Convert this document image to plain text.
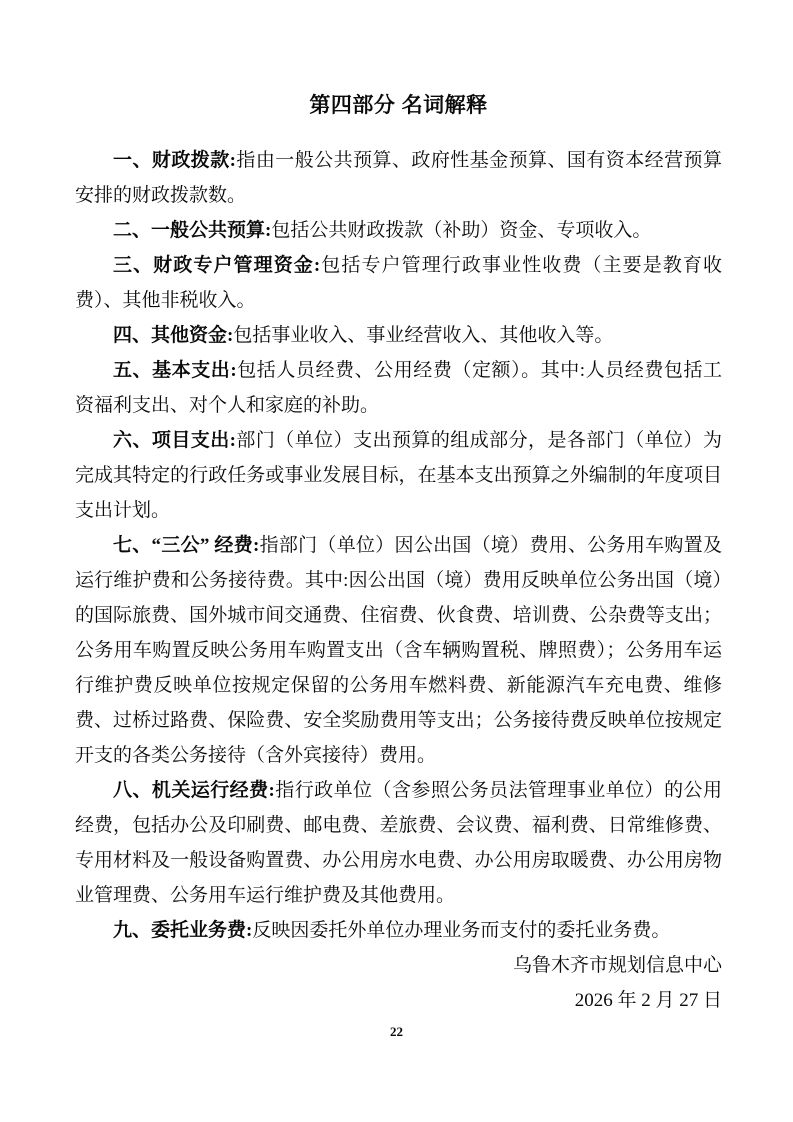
第四部分 名词解释

一、财政拨款:指由一般公共预算、政府性基金预算、国有资本经营预算安排的财政拨款数。

二、一般公共预算:包括公共财政拨款（补助）资金、专项收入。

三、财政专户管理资金:包括专户管理行政事业性收费（主要是教育收费）、其他非税收入。

四、其他资金:包括事业收入、事业经营收入、其他收入等。

五、基本支出:包括人员经费、公用经费（定额）。其中:人员经费包括工资福利支出、对个人和家庭的补助。

六、项目支出:部门（单位）支出预算的组成部分，是各部门（单位）为完成其特定的行政任务或事业发展目标，在基本支出预算之外编制的年度项目支出计划。

七、“三公” 经费:指部门（单位）因公出国（境）费用、公务用车购置及运行维护费和公务接待费。其中:因公出国（境）费用反映单位公务出国（境）的国际旅费、国外城市间交通费、住宿费、伙食费、培训费、公杂费等支出；公务用车购置反映公务用车购置支出（含车辆购置税、牌照费）；公务用车运行维护费反映单位按规定保留的公务用车燃料费、新能源汽车充电费、维修费、过桥过路费、保险费、安全奖励费用等支出；公务接待费反映单位按规定开支的各类公务接待（含外宾接待）费用。

八、机关运行经费:指行政单位（含参照公务员法管理事业单位）的公用经费，包括办公及印刷费、邮电费、差旅费、会议费、福利费、日常维修费、专用材料及一般设备购置费、办公用房水电费、办公用房取暖费、办公用房物业管理费、公务用车运行维护费及其他费用。

九、委托业务费:反映因委托外单位办理业务而支付的委托业务费。

乌鲁木齐市规划信息中心

2026 年 2 月 27 日

22
